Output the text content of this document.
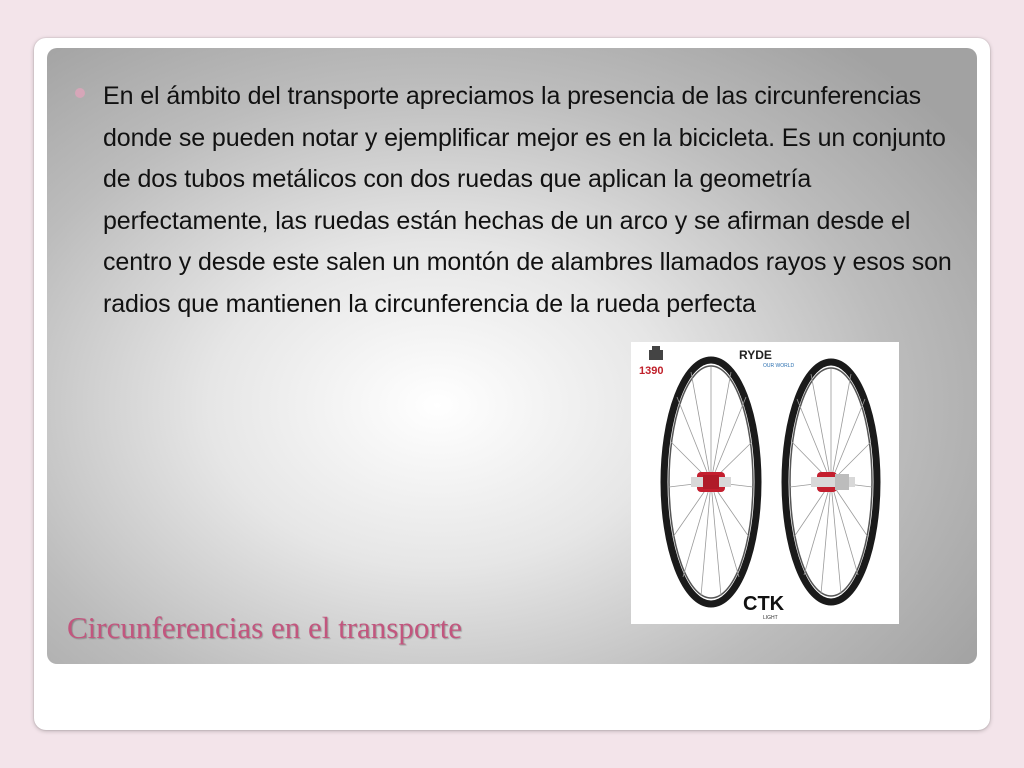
En el ámbito del transporte apreciamos la presencia de las circunferencias donde se pueden notar y ejemplificar mejor es en la bicicleta. Es un conjunto de dos tubos metálicos con dos ruedas que aplican la geometría perfectamente, las ruedas están hechas de un arco y se afirman desde el centro y desde este salen un montón de alambres llamados rayos y esos son radios que mantienen la circunferencia de la rueda perfecta
1390
RYDE
OUR WORLD
CTK
LIGHT
Circunferencias en el transporte
